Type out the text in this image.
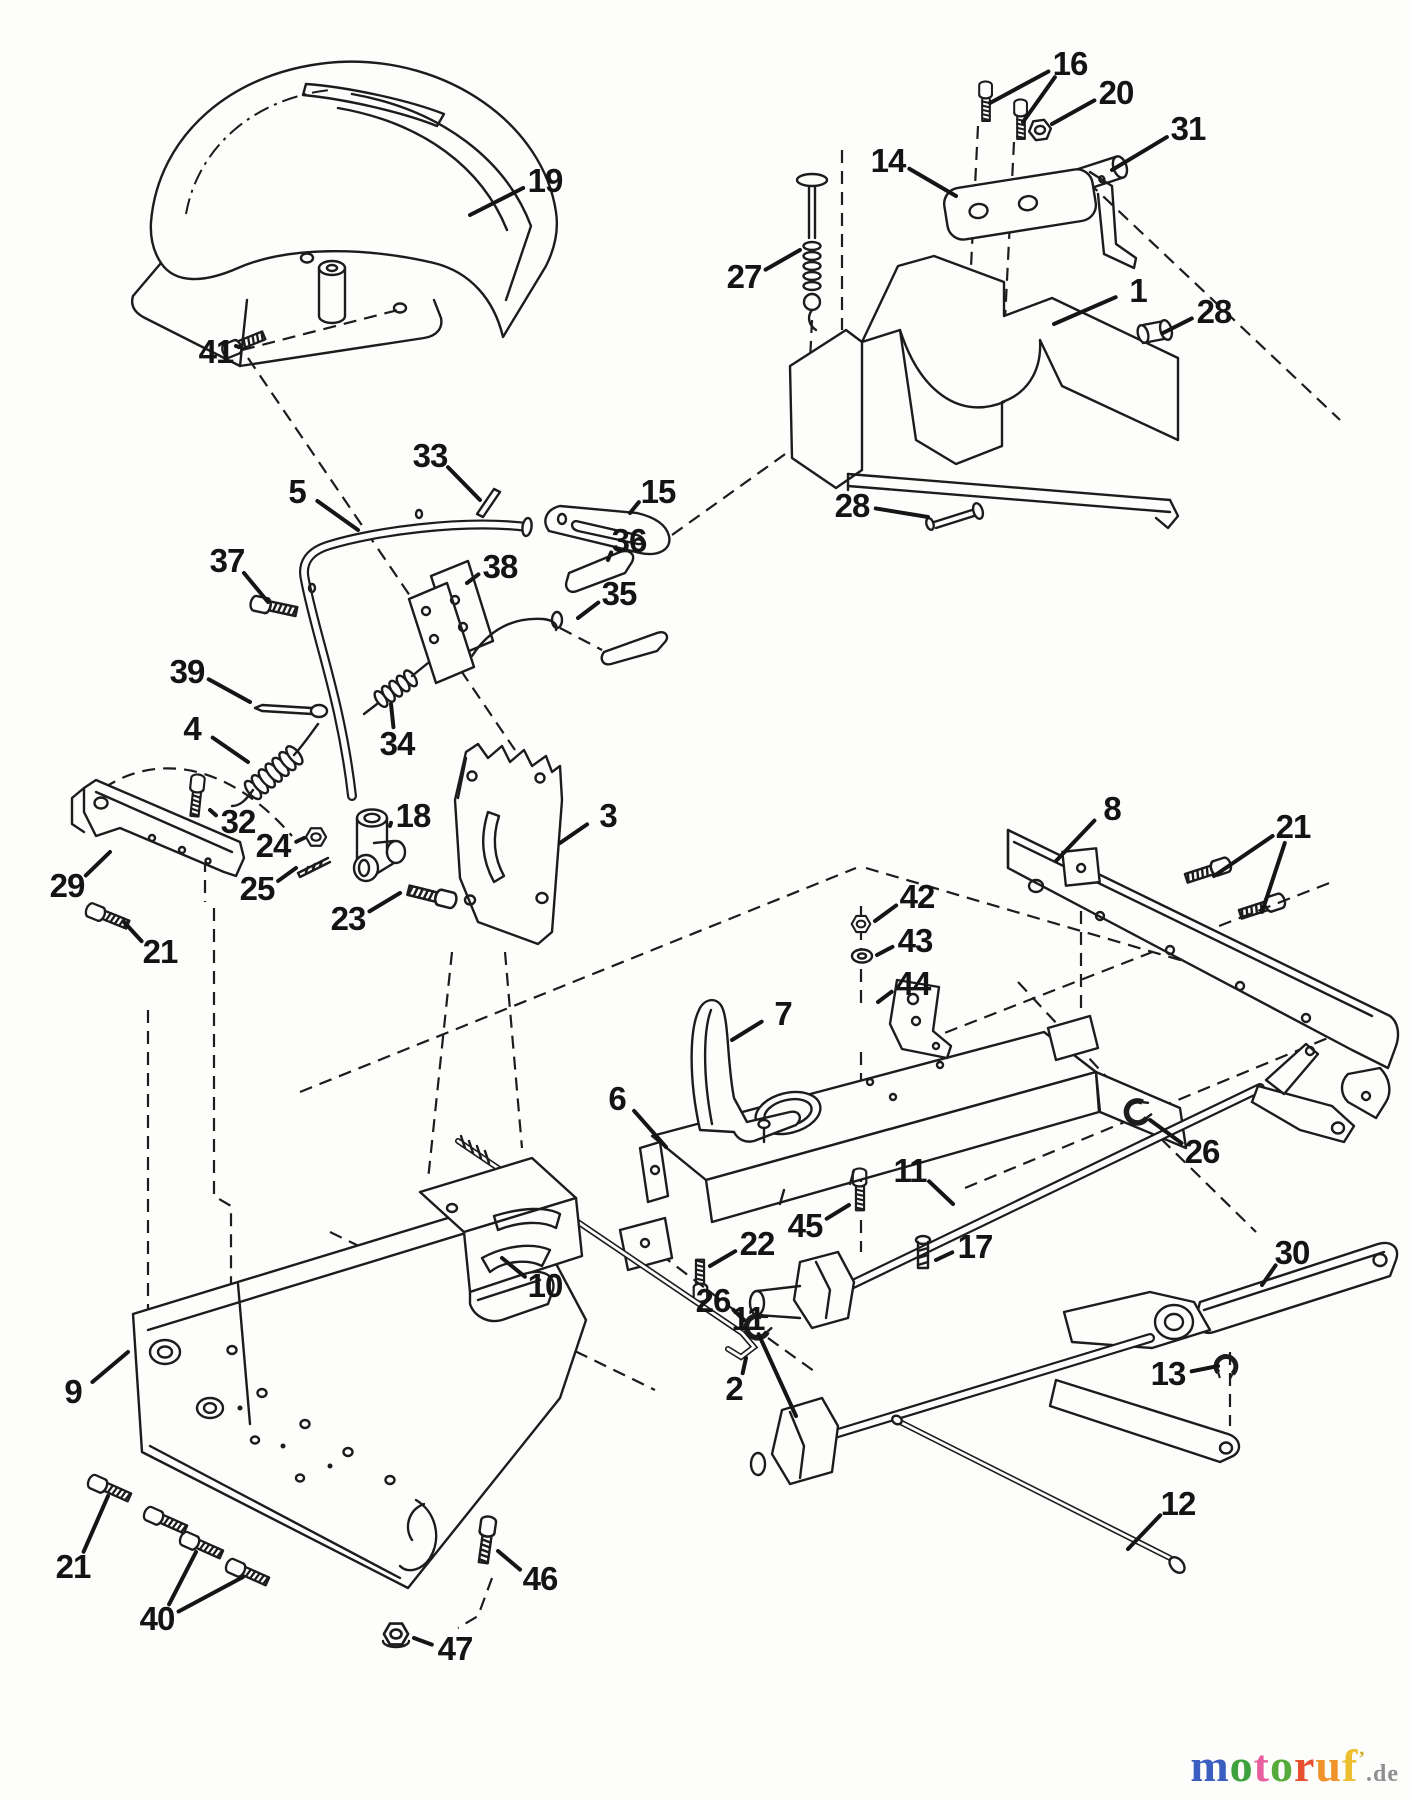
19
41
16
20
31
14
27	1
28
28
33
5	15
37	38
36
35
39
4	34
32
24
18
25
23
3
29
21
8	21
42
43
44
7
6
26
11
45
22	17
26
2
9
10
21
40
46
47
30
11
13
12
motoruf’.de
